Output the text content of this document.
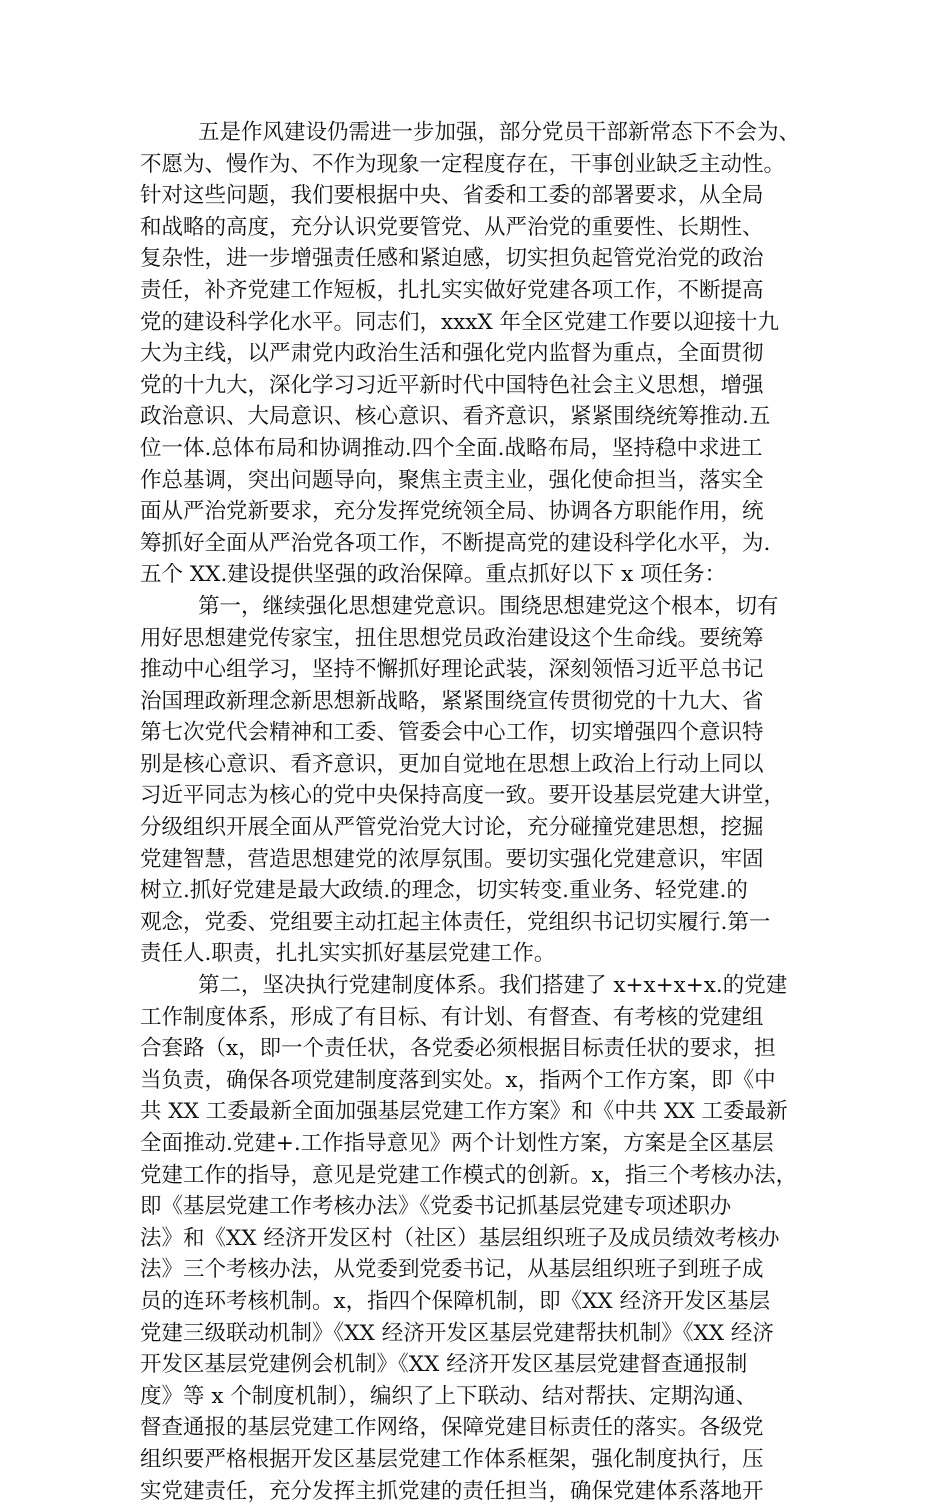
五是作风建设仍需进一步加强，部分党员干部新常态下不会为、
不愿为、慢作为、不作为现象一定程度存在，干事创业缺乏主动性。
针对这些问题，我们要根据中央、省委和工委的部署要求，从全局
和战略的高度，充分认识党要管党、从严治党的重要性、长期性、
复杂性，进一步增强责任感和紧迫感，切实担负起管党治党的政治
责任，补齐党建工作短板，扎扎实实做好党建各项工作，不断提高
党的建设科学化水平。同志们，xxxX 年全区党建工作要以迎接十九
大为主线，以严肃党内政治生活和强化党内监督为重点，全面贯彻
党的十九大，深化学习习近平新时代中国特色社会主义思想，增强
政治意识、大局意识、核心意识、看齐意识，紧紧围绕统筹推动.五
位一体.总体布局和协调推动.四个全面.战略布局，坚持稳中求进工
作总基调，突出问题导向，聚焦主责主业，强化使命担当，落实全
面从严治党新要求，充分发挥党统领全局、协调各方职能作用，统
筹抓好全面从严治党各项工作，不断提高党的建设科学化水平，为.
五个 XX.建设提供坚强的政治保障。重点抓好以下 x 项任务：
第一，继续强化思想建党意识。围绕思想建党这个根本，切有
用好思想建党传家宝，扭住思想党员政治建设这个生命线。要统筹
推动中心组学习，坚持不懈抓好理论武装，深刻领悟习近平总书记
治国理政新理念新思想新战略，紧紧围绕宣传贯彻党的十九大、省
第七次党代会精神和工委、管委会中心工作，切实增强四个意识特
别是核心意识、看齐意识，更加自觉地在思想上政治上行动上同以
习近平同志为核心的党中央保持高度一致。要开设基层党建大讲堂，
分级组织开展全面从严管党治党大讨论，充分碰撞党建思想，挖掘
党建智慧，营造思想建党的浓厚氛围。要切实强化党建意识，牢固
树立.抓好党建是最大政绩.的理念，切实转变.重业务、轻党建.的
观念，党委、党组要主动扛起主体责任，党组织书记切实履行.第一
责任人.职责，扎扎实实抓好基层党建工作。
第二，坚决执行党建制度体系。我们搭建了 x+x+x+x.的党建
工作制度体系，形成了有目标、有计划、有督查、有考核的党建组
合套路（x，即一个责任状，各党委必须根据目标责任状的要求，担
当负责，确保各项党建制度落到实处。x，指两个工作方案，即《中
共 XX 工委最新全面加强基层党建工作方案》和《中共 XX 工委最新
全面推动.党建+.工作指导意见》两个计划性方案，方案是全区基层
党建工作的指导，意见是党建工作模式的创新。x，指三个考核办法，
即《基层党建工作考核办法》《党委书记抓基层党建专项述职办
法》和《XX 经济开发区村（社区）基层组织班子及成员绩效考核办
法》三个考核办法，从党委到党委书记，从基层组织班子到班子成
员的连环考核机制。x，指四个保障机制，即《XX 经济开发区基层
党建三级联动机制》《XX 经济开发区基层党建帮扶机制》《XX 经济
开发区基层党建例会机制》《XX 经济开发区基层党建督查通报制
度》等 x 个制度机制），编织了上下联动、结对帮扶、定期沟通、
督查通报的基层党建工作网络，保障党建目标责任的落实。各级党
组织要严格根据开发区基层党建工作体系框架，强化制度执行，压
实党建责任，充分发挥主抓党建的责任担当，确保党建体系落地开
